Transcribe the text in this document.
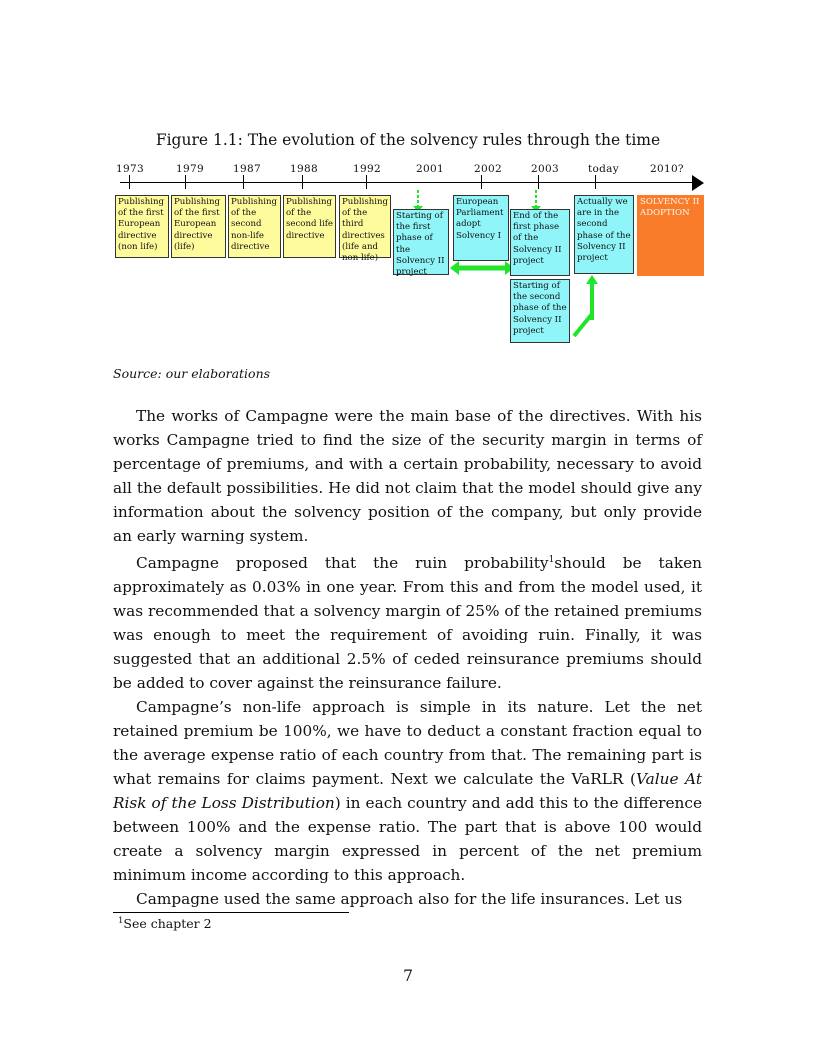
Figure 1.1: The evolution of the solvency rules through the time
1973	1979	1987	1988	1992	2001	2002	2003	today	2010?
Publishing of the first European directive (non life)
Publishing of the first European directive (life)
Publishing of the second non-life directive
Publishing of the second life directive
Publishing of the third directives (life and non life)
Starting of the first phase of the Solvency II project
European Parliament adopt Solvency I
End of the first phase of the Solvency II project
Actually we are in the second phase of the Solvency II project
SOLVENCY II ADOPTION
Starting of the second phase of the Solvency II project
Source: our elaborations

The works of Campagne were the main base of the directives. With his works Campagne tried to find the size of the security margin in terms of percentage of premiums, and with a certain probability, necessary to avoid all the default possibilities. He did not claim that the model should give any information about the solvency position of the company, but only provide an early warning system.

Campagne proposed that the ruin probability$^1$should be taken approximately as 0.03% in one year. From this and from the model used, it was recommended that a solvency margin of 25% of the retained premiums was enough to meet the requirement of avoiding ruin. Finally, it was suggested that an additional 2.5% of ceded reinsurance premiums should be added to cover against the reinsurance failure.

Campagne’s non-life approach is simple in its nature. Let the net retained premium be 100%, we have to deduct a constant fraction equal to the average expense ratio of each country from that. The remaining part is what remains for claims payment. Next we calculate the VaRLR (Value At Risk of the Loss Distribution) in each country and add this to the difference between 100% and the expense ratio. The part that is above 100 would create a solvency margin expressed in percent of the net premium minimum income according to this approach.

Campagne used the same approach also for the life insurances. Let us

$^1$See chapter 2
7
